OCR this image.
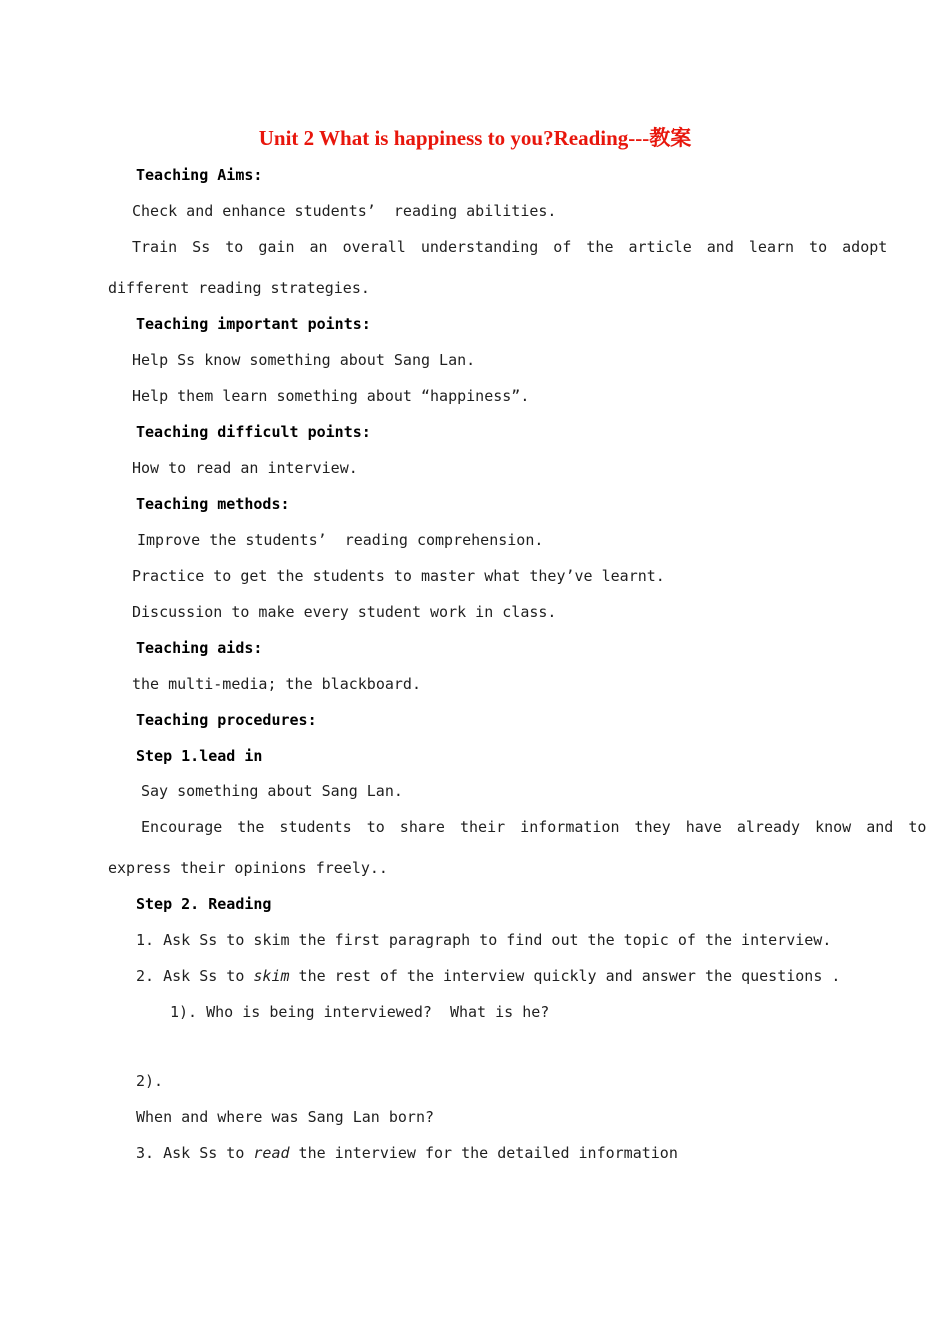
Unit 2 What is happiness to you?Reading---教案
Teaching Aims:
Check and enhance students’  reading abilities.
Train Ss to gain an overall understanding of the article and learn to adopt
different reading strategies.
Teaching important points:
Help Ss know something about Sang Lan.
Help them learn something about “happiness”.
Teaching difficult points:
How to read an interview.
Teaching methods:
Improve the students’  reading comprehension.
Practice to get the students to master what they’ve learnt.
Discussion to make every student work in class.
Teaching aids:
the multi-media; the blackboard.
Teaching procedures:
Step 1.lead in
Say something about Sang Lan.
Encourage the students to share their information they have already know and to
express their opinions freely..
Step 2. Reading
1. Ask Ss to skim the first paragraph to find out the topic of the interview.
2. Ask Ss to skim the rest of the interview quickly and answer the questions .
1). Who is being interviewed?  What is he?
2).
When and where was Sang Lan born?
3. Ask Ss to read the interview for the detailed information
